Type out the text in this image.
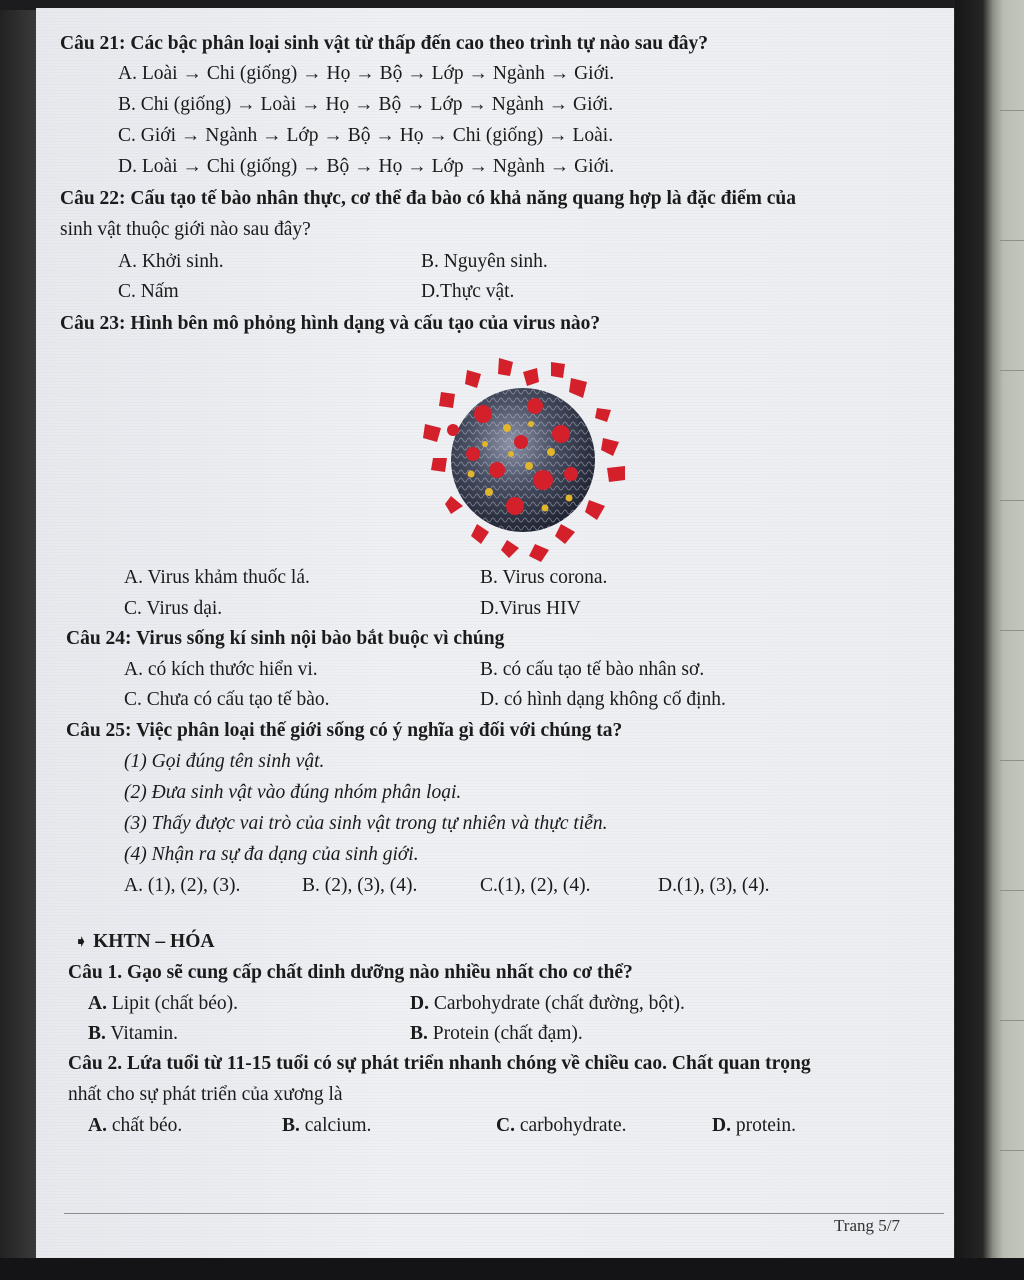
Câu 21: Các bậc phân loại sinh vật từ thấp đến cao theo trình tự nào sau đây?
A. Loài → Chi (giống) → Họ → Bộ → Lớp → Ngành → Giới.
B. Chi (giống) → Loài → Họ → Bộ → Lớp → Ngành → Giới.
C. Giới → Ngành → Lớp → Bộ → Họ → Chi (giống) → Loài.
D. Loài → Chi (giống) → Bộ → Họ → Lớp → Ngành → Giới.
Câu 22: Cấu tạo tế bào nhân thực, cơ thể đa bào có khả năng quang hợp là đặc điểm của
sinh vật thuộc giới nào sau đây?
A. Khởi sinh.	B. Nguyên sinh.
C. Nấm	D.Thực vật.
Câu 23: Hình bên mô phỏng hình dạng và cấu tạo của virus nào?
A. Virus khảm thuốc lá.	B. Virus corona.
C. Virus dại.	D.Virus HIV
Câu 24: Virus sống kí sinh nội bào bắt buộc vì chúng
A. có kích thước hiển vi.	B. có cấu tạo tế bào nhân sơ.
C. Chưa có cấu tạo tế bào.	D. có hình dạng không cố định.
Câu 25: Việc phân loại thế giới sống có ý nghĩa gì đối với chúng ta?
(1) Gọi đúng tên sinh vật.
(2) Đưa sinh vật vào đúng nhóm phân loại.
(3) Thấy được vai trò của sinh vật trong tự nhiên và thực tiễn.
(4) Nhận ra sự đa dạng của sinh giới.
A. (1), (2), (3).	B. (2), (3), (4).	C.(1), (2), (4).	D.(1), (3), (4).
➧ KHTN – HÓA
Câu 1. Gạo sẽ cung cấp chất dinh dưỡng nào nhiều nhất cho cơ thể?
A. Lipit (chất béo).	D. Carbohydrate (chất đường, bột).
B. Vitamin.	B. Protein (chất đạm).
Câu 2. Lứa tuổi từ 11-15 tuổi có sự phát triển nhanh chóng về chiều cao. Chất quan trọng
nhất cho sự phát triển của xương là
A. chất béo.	B. calcium.	C. carbohydrate.	D. protein.
Trang 5/7
